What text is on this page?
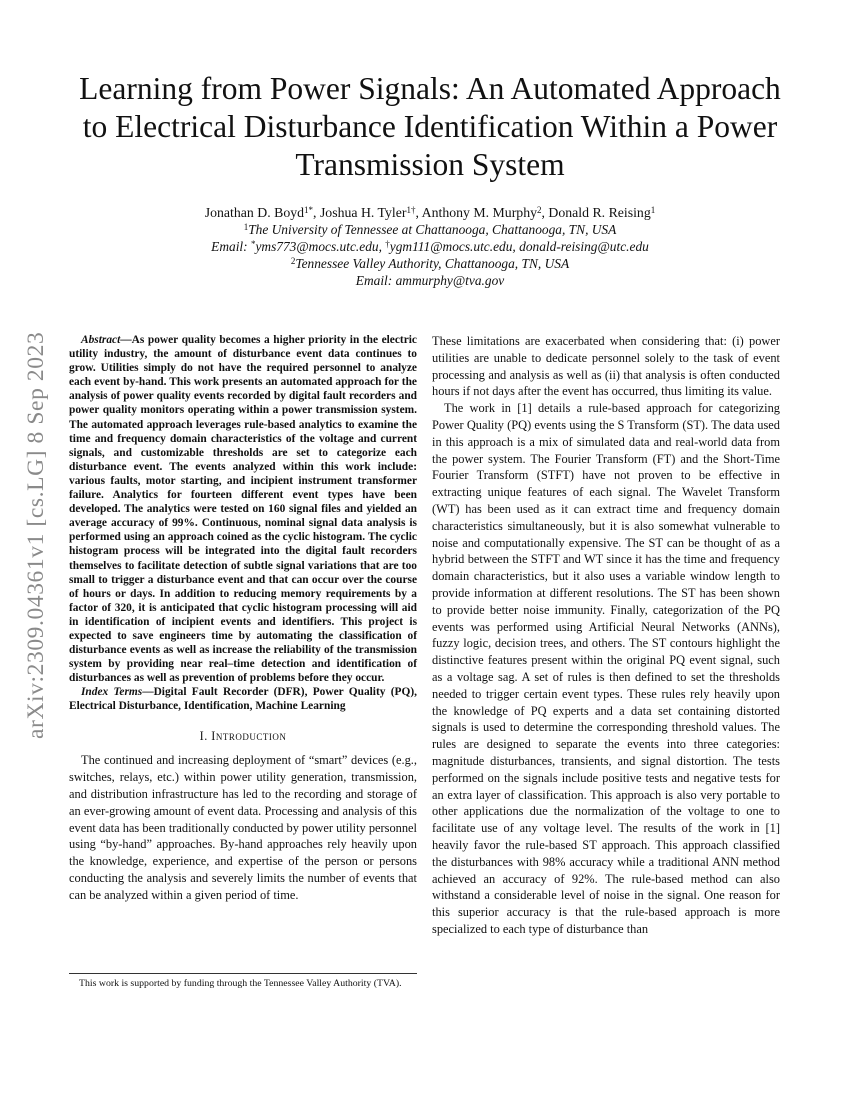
arXiv:2309.04361v1 [cs.LG] 8 Sep 2023
Learning from Power Signals: An Automated Approach to Electrical Disturbance Identification Within a Power Transmission System
Jonathan D. Boyd$^{1*}$, Joshua H. Tyler$^{1\dagger}$, Anthony M. Murphy$^2$, Donald R. Reising$^1$
$^1$The University of Tennessee at Chattanooga, Chattanooga, TN, USA
Email: *yms773@mocs.utc.edu, †ygm111@mocs.utc.edu, donald-reising@utc.edu
$^2$Tennessee Valley Authority, Chattanooga, TN, USA
Email: ammurphy@tva.gov

Abstract—As power quality becomes a higher priority in the electric utility industry, the amount of disturbance event data continues to grow. Utilities simply do not have the required personnel to analyze each event by-hand. This work presents an automated approach for the analysis of power quality events recorded by digital fault recorders and power quality monitors operating within a power transmission system. The automated approach leverages rule-based analytics to examine the time and frequency domain characteristics of the voltage and current signals, and customizable thresholds are set to categorize each disturbance event. The events analyzed within this work include: various faults, motor starting, and incipient instrument transformer failure. Analytics for fourteen different event types have been developed. The analytics were tested on 160 signal files and yielded an average accuracy of 99%. Continuous, nominal signal data analysis is performed using an approach coined as the cyclic histogram. The cyclic histogram process will be integrated into the digital fault recorders themselves to facilitate detection of subtle signal variations that are too small to trigger a disturbance event and that can occur over the course of hours or days. In addition to reducing memory requirements by a factor of 320, it is anticipated that cyclic histogram processing will aid in identification of incipient events and identifiers. This project is expected to save engineers time by automating the classification of disturbance events as well as increase the reliability of the transmission system by providing near real–time detection and identification of disturbances as well as prevention of problems before they occur.

Index Terms—Digital Fault Recorder (DFR), Power Quality (PQ), Electrical Disturbance, Identification, Machine Learning

I. Introduction

The continued and increasing deployment of “smart” devices (e.g., switches, relays, etc.) within power utility generation, transmission, and distribution infrastructure has led to the recording and storage of an ever-growing amount of event data. Processing and analysis of this event data has been traditionally conducted by power utility personnel using “by-hand” approaches. By-hand approaches rely heavily upon the knowledge, experience, and expertise of the person or persons conducting the analysis and severely limits the number of events that can be analyzed within a given period of time.

This work is supported by funding through the Tennessee Valley Authority (TVA).

These limitations are exacerbated when considering that: (i) power utilities are unable to dedicate personnel solely to the task of event processing and analysis as well as (ii) that analysis is often conducted hours if not days after the event has occurred, thus limiting its value.

The work in [1] details a rule-based approach for categorizing Power Quality (PQ) events using the S Transform (ST). The data used in this approach is a mix of simulated data and real-world data from the power system. The Fourier Transform (FT) and the Short-Time Fourier Transform (STFT) have not proven to be effective in extracting unique features of each signal. The Wavelet Transform (WT) has been used as it can extract time and frequency domain characteristics simultaneously, but it is also somewhat vulnerable to noise and computationally expensive. The ST can be thought of as a hybrid between the STFT and WT since it has the time and frequency domain characteristics, but it also uses a variable window length to provide information at different resolutions. The ST has been shown to provide better noise immunity. Finally, categorization of the PQ events was performed using Artificial Neural Networks (ANNs), fuzzy logic, decision trees, and others. The ST contours highlight the distinctive features present within the original PQ event signal, such as a voltage sag. A set of rules is then defined to set the thresholds needed to trigger certain event types. These rules rely heavily upon the knowledge of PQ experts and a data set containing distorted signals is used to determine the corresponding threshold values. The rules are designed to separate the events into three categories: magnitude disturbances, transients, and signal distortion. The tests performed on the signals include positive tests and negative tests for an extra layer of classification. This approach is also very portable to other applications due the normalization of the voltage to one to facilitate use of any voltage level. The results of the work in [1] heavily favor the rule-based ST approach. This approach classified the disturbances with 98% accuracy while a traditional ANN method achieved an accuracy of 92%. The rule-based method can also withstand a considerable level of noise in the signal. One reason for this superior accuracy is that the rule-based approach is more specialized to each type of disturbance than
